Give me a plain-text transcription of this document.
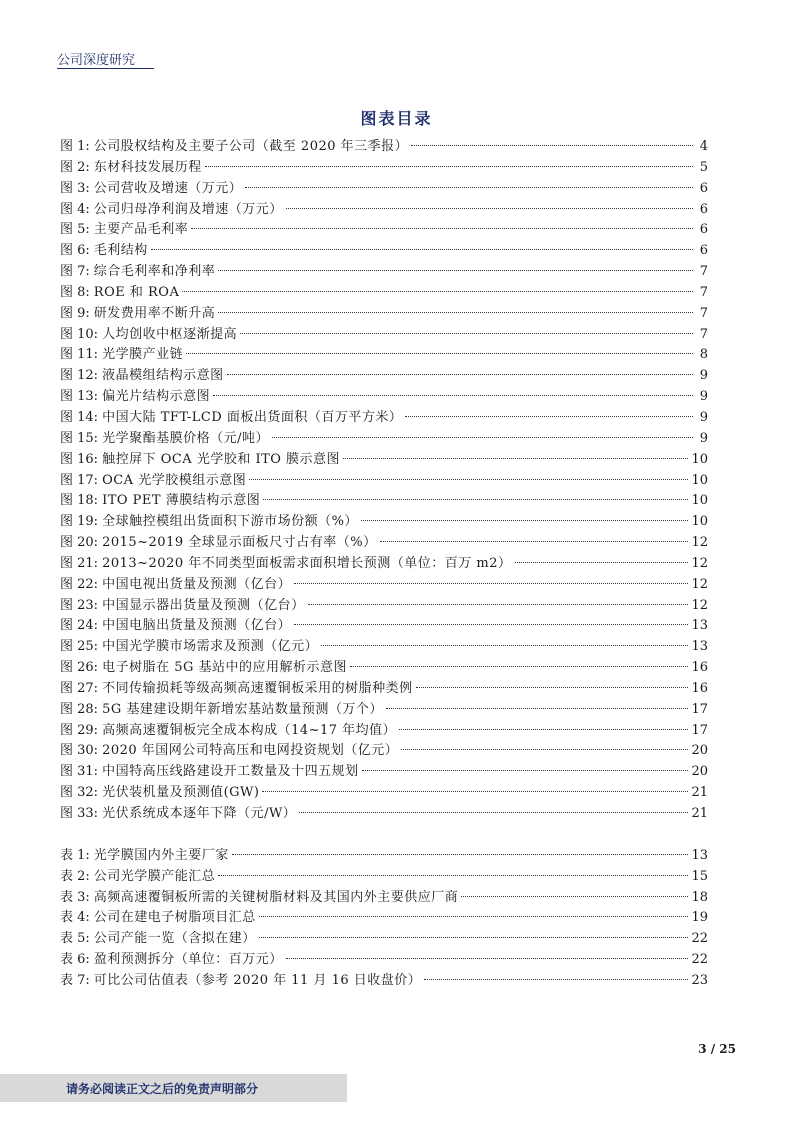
公司深度研究
图表目录
图 1: 公司股权结构及主要子公司（截至 2020 年三季报）	4
图 2: 东材科技发展历程	5
图 3: 公司营收及增速（万元）	6
图 4: 公司归母净利润及增速（万元）	6
图 5: 主要产品毛利率	6
图 6: 毛利结构	6
图 7: 综合毛利率和净利率	7
图 8: ROE 和 ROA	7
图 9: 研发费用率不断升高	7
图 10: 人均创收中枢逐渐提高	7
图 11: 光学膜产业链	8
图 12: 液晶模组结构示意图	9
图 13: 偏光片结构示意图	9
图 14: 中国大陆 TFT-LCD 面板出货面积（百万平方米）	9
图 15: 光学聚酯基膜价格（元/吨）	9
图 16: 触控屏下 OCA 光学胶和 ITO 膜示意图	10
图 17: OCA 光学胶模组示意图	10
图 18: ITO PET 薄膜结构示意图	10
图 19: 全球触控模组出货面积下游市场份额（%）	10
图 20: 2015~2019 全球显示面板尺寸占有率（%）	12
图 21: 2013~2020 年不同类型面板需求面积增长预测（单位：百万 m2）	12
图 22: 中国电视出货量及预测（亿台）	12
图 23: 中国显示器出货量及预测（亿台）	12
图 24: 中国电脑出货量及预测（亿台）	13
图 25: 中国光学膜市场需求及预测（亿元）	13
图 26: 电子树脂在 5G 基站中的应用解析示意图	16
图 27: 不同传输损耗等级高频高速覆铜板采用的树脂种类例	16
图 28: 5G 基建建设期年新增宏基站数量预测（万个）	17
图 29: 高频高速覆铜板完全成本构成（14~17 年均值）	17
图 30: 2020 年国网公司特高压和电网投资规划（亿元）	20
图 31: 中国特高压线路建设开工数量及十四五规划	20
图 32: 光伏装机量及预测值(GW)	21
图 33: 光伏系统成本逐年下降（元/W）	21
表 1: 光学膜国内外主要厂家	13
表 2: 公司光学膜产能汇总	15
表 3: 高频高速覆铜板所需的关键树脂材料及其国内外主要供应厂商	18
表 4: 公司在建电子树脂项目汇总	19
表 5: 公司产能一览（含拟在建）	22
表 6: 盈利预测拆分（单位：百万元）	22
表 7: 可比公司估值表（参考 2020 年 11 月 16 日收盘价）	23
3 / 25
请务必阅读正文之后的免责声明部分
